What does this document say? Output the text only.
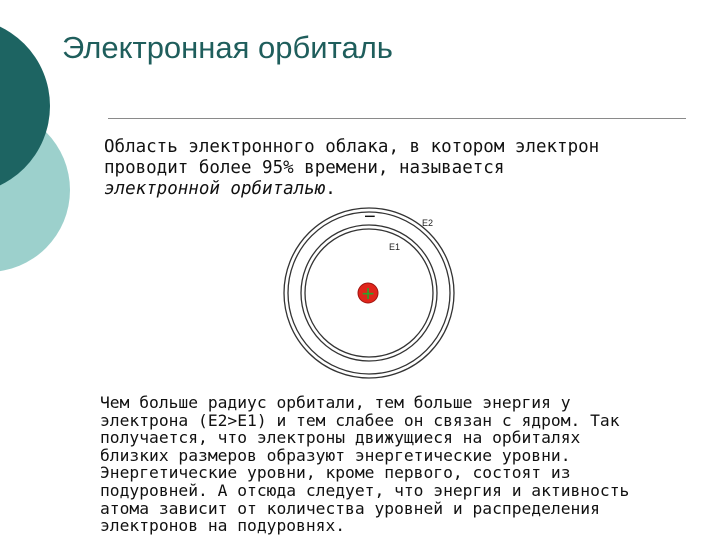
Электронная орбиталь
Область электронного облака, в котором электрон
проводит более 95% времени, называется
электронной орбиталью.
−	E2
E1
+
Чем больше радиус орбитали, тем больше энергия у
электрона (E2>E1) и тем слабее он связан с ядром. Так
получается, что электроны движущиеся на орбиталях
близких размеров образуют энергетические уровни.
Энергетические уровни, кроме первого, состоят из
подуровней. А отсюда следует, что энергия и активность
атома зависит от количества уровней и распределения
электронов на подуровнях.
